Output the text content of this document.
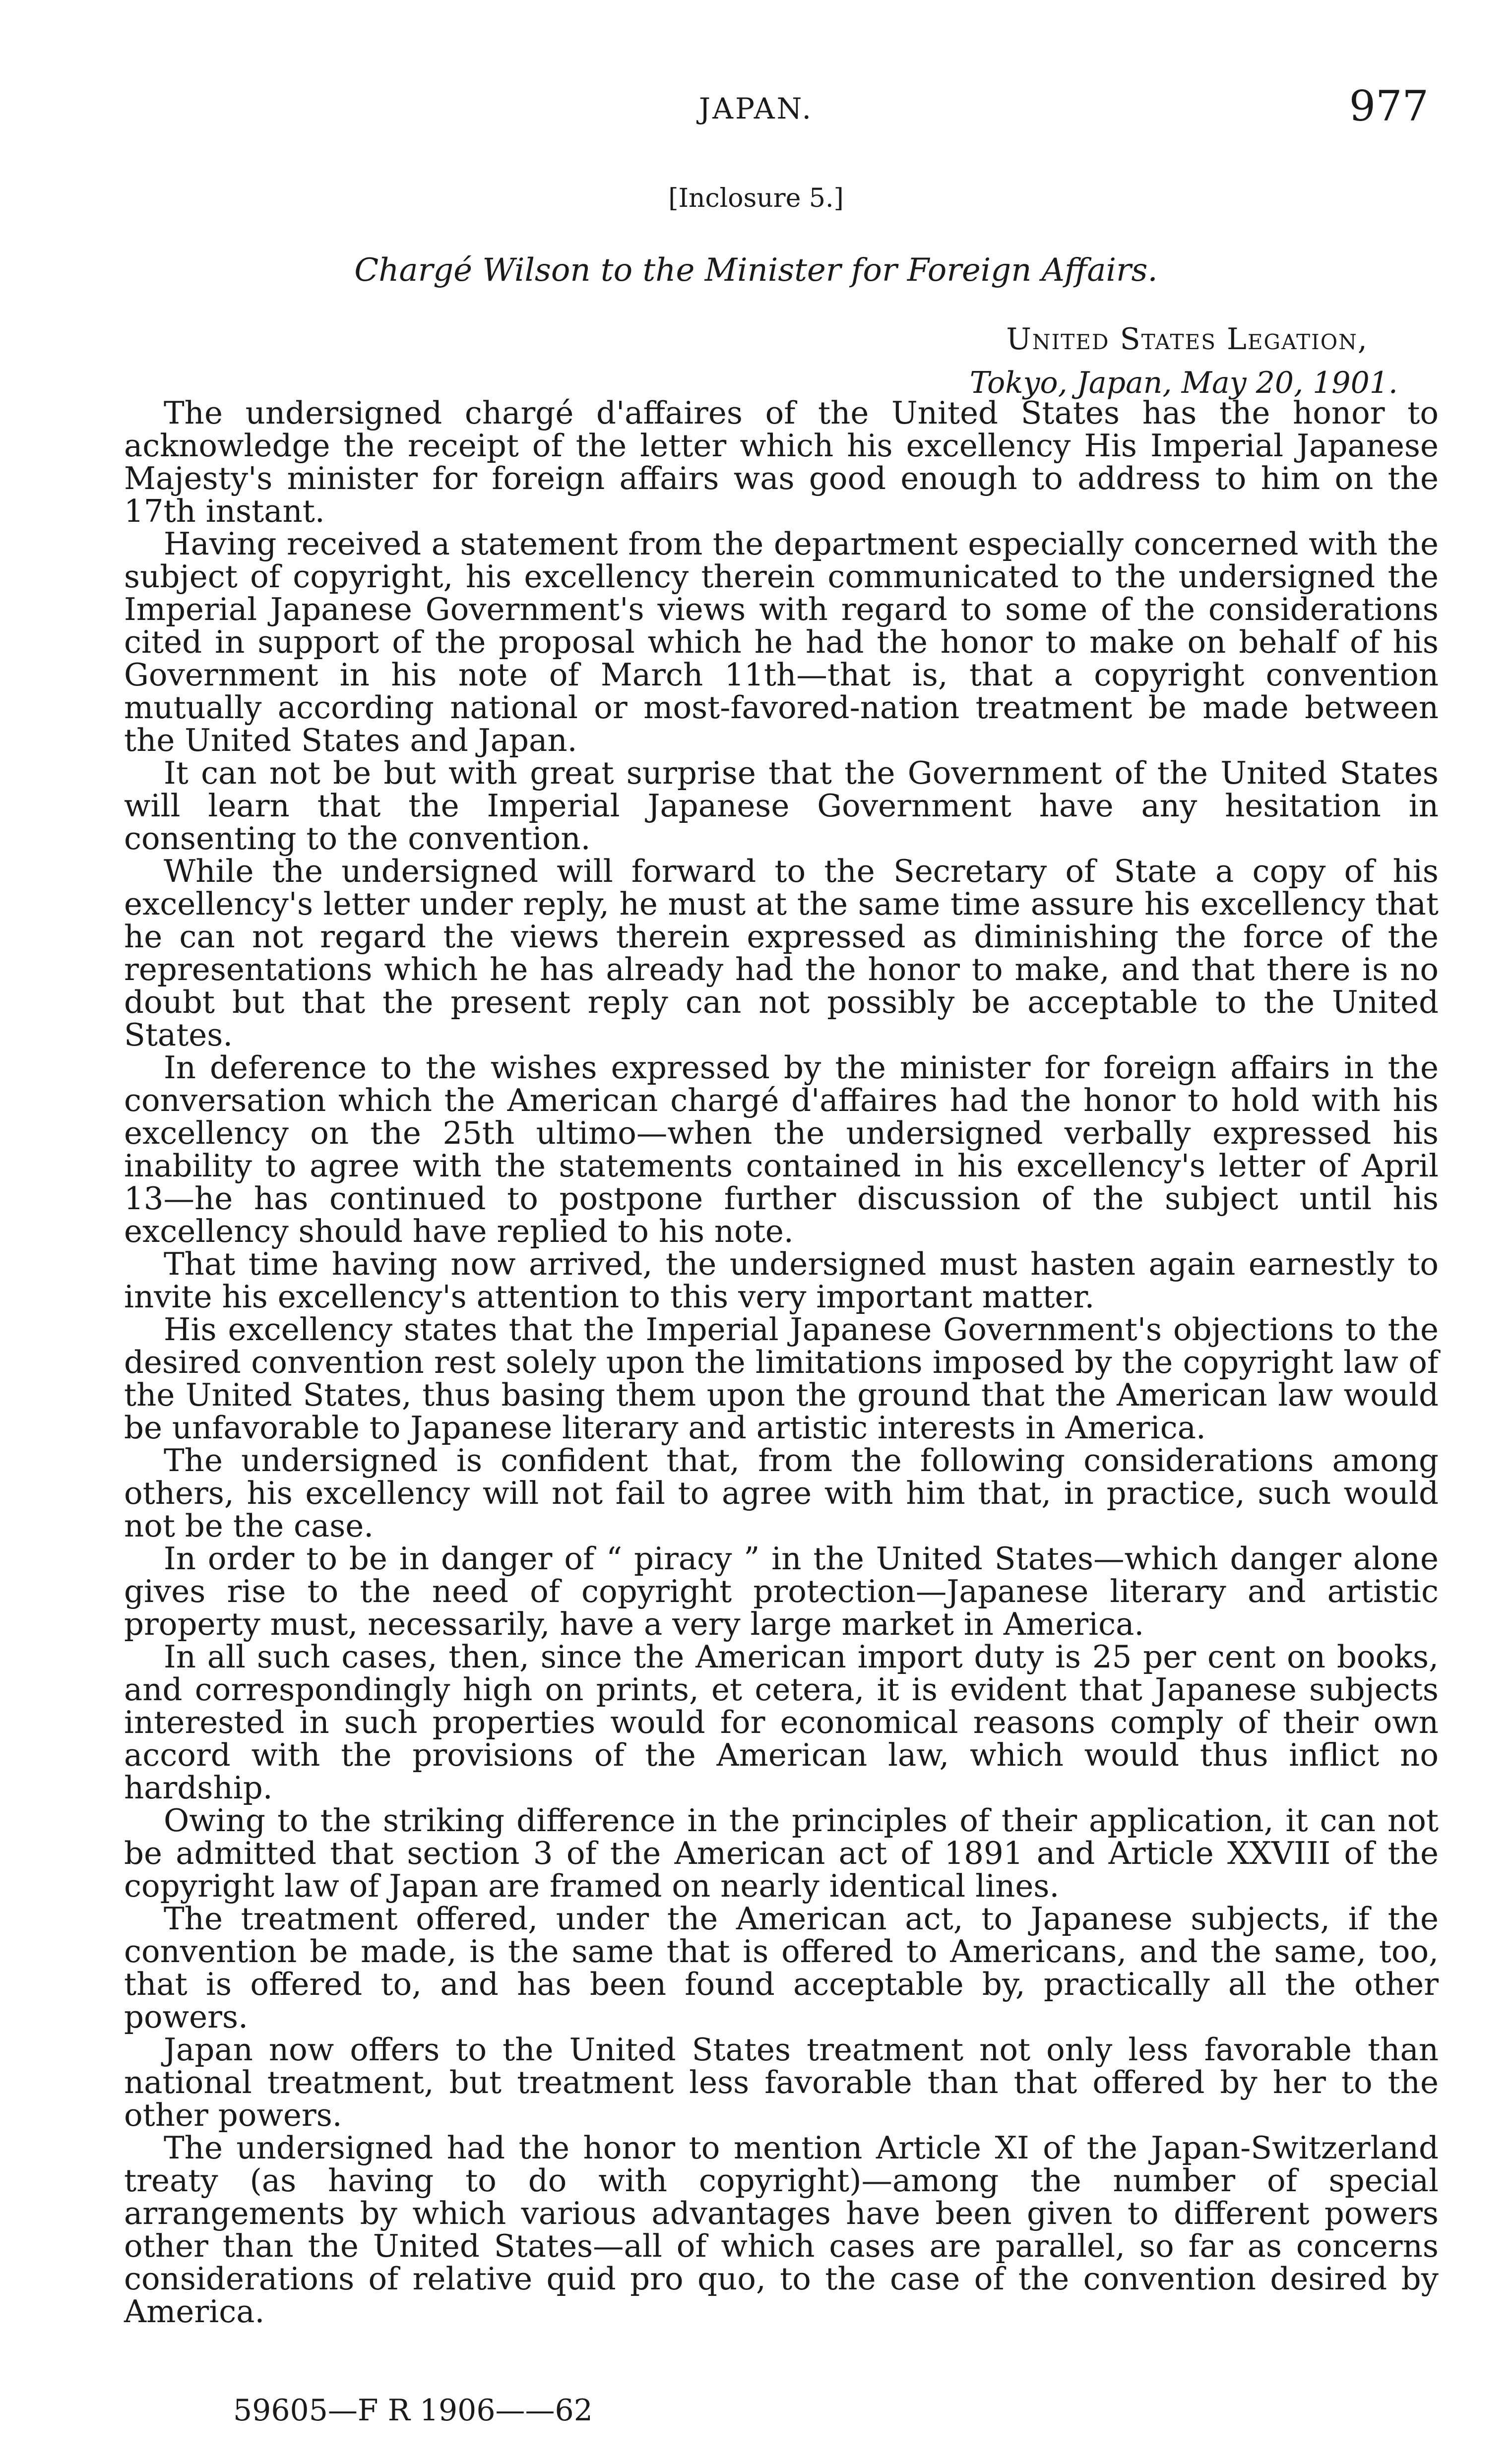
JAPAN.	977
[Inclosure 5.]
Chargé Wilson to the Minister for Foreign Affairs.
United States Legation,
Tokyo, Japan, May 20, 1901.

The undersigned chargé d'affaires of the United States has the honor to acknowledge the receipt of the letter which his excellency His Imperial Japanese Majesty's minister for foreign affairs was good enough to address to him on the 17th instant.

Having received a statement from the department especially concerned with the subject of copyright, his excellency therein communicated to the undersigned the Imperial Japanese Government's views with regard to some of the considerations cited in support of the proposal which he had the honor to make on behalf of his Government in his note of March 11th—that is, that a copyright convention mutually according national or most-favored-nation treatment be made between the United States and Japan.

It can not be but with great surprise that the Government of the United States will learn that the Imperial Japanese Government have any hesitation in consenting to the convention.

While the undersigned will forward to the Secretary of State a copy of his excellency's letter under reply, he must at the same time assure his excellency that he can not regard the views therein expressed as diminishing the force of the representations which he has already had the honor to make, and that there is no doubt but that the present reply can not possibly be acceptable to the United States.

In deference to the wishes expressed by the minister for foreign affairs in the conversation which the American chargé d'affaires had the honor to hold with his excellency on the 25th ultimo—when the undersigned verbally expressed his inability to agree with the statements contained in his excellency's letter of April 13—he has continued to postpone further discussion of the subject until his excellency should have replied to his note.

That time having now arrived, the undersigned must hasten again earnestly to invite his excellency's attention to this very important matter.

His excellency states that the Imperial Japanese Government's objections to the desired convention rest solely upon the limitations imposed by the copyright law of the United States, thus basing them upon the ground that the American law would be unfavorable to Japanese literary and artistic interests in America.

The undersigned is confident that, from the following considerations among others, his excellency will not fail to agree with him that, in practice, such would not be the case.

In order to be in danger of “ piracy ” in the United States—which danger alone gives rise to the need of copyright protection—Japanese literary and artistic property must, necessarily, have a very large market in America.

In all such cases, then, since the American import duty is 25 per cent on books, and correspondingly high on prints, et cetera, it is evident that Japanese subjects interested in such properties would for economical reasons comply of their own accord with the provisions of the American law, which would thus inflict no hardship.

Owing to the striking difference in the principles of their application, it can not be admitted that section 3 of the American act of 1891 and Article XXVIII of the copyright law of Japan are framed on nearly identical lines.

The treatment offered, under the American act, to Japanese subjects, if the convention be made, is the same that is offered to Americans, and the same, too, that is offered to, and has been found acceptable by, practically all the other powers.

Japan now offers to the United States treatment not only less favorable than national treatment, but treatment less favorable than that offered by her to the other powers.

The undersigned had the honor to mention Article XI of the Japan-Switzerland treaty (as having to do with copyright)—among the number of special arrangements by which various advantages have been given to different powers other than the United States—all of which cases are parallel, so far as concerns considerations of relative quid pro quo, to the case of the convention desired by America.

59605—F R 1906——62
